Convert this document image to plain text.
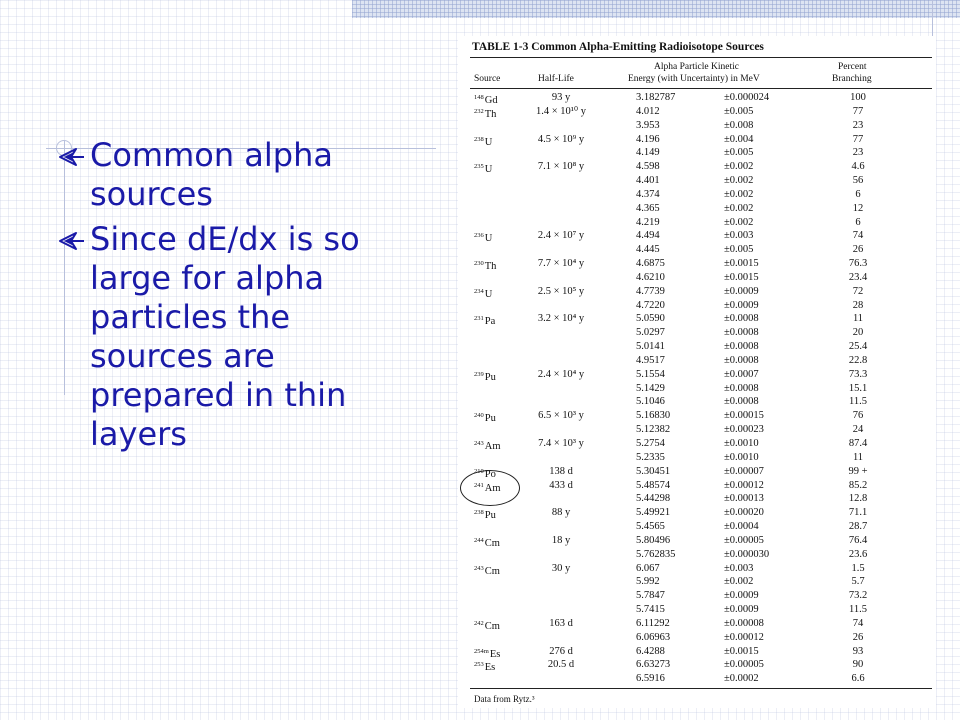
Common alpha sources
Since dE/dx is so large for alpha particles the sources are prepared in thin layers
TABLE 1-3 Common Alpha-Emitting Radioisotope Sources
Source	Half-Life
Alpha Particle Kinetic
Energy (with Uncertainty) in MeV
Percent
Branching
$^{148}$Gd	93 y	3.182787	±0.000024	100
$^{232}$Th	1.4 × 10¹⁰ y	4.012	±0.005	77
3.953	±0.008	23
$^{238}$U	4.5 × 10⁹ y	4.196	±0.004	77
4.149	±0.005	23
$^{235}$U	7.1 × 10⁸ y	4.598	±0.002	4.6
4.401	±0.002	56
4.374	±0.002	6
4.365	±0.002	12
4.219	±0.002	6
$^{236}$U	2.4 × 10⁷ y	4.494	±0.003	74
4.445	±0.005	26
$^{230}$Th	7.7 × 10⁴ y	4.6875	±0.0015	76.3
4.6210	±0.0015	23.4
$^{234}$U	2.5 × 10⁵ y	4.7739	±0.0009	72
4.7220	±0.0009	28
$^{231}$Pa	3.2 × 10⁴ y	5.0590	±0.0008	11
5.0297	±0.0008	20
5.0141	±0.0008	25.4
4.9517	±0.0008	22.8
$^{239}$Pu	2.4 × 10⁴ y	5.1554	±0.0007	73.3
5.1429	±0.0008	15.1
5.1046	±0.0008	11.5
$^{240}$Pu	6.5 × 10³ y	5.16830	±0.00015	76
5.12382	±0.00023	24
$^{243}$Am	7.4 × 10³ y	5.2754	±0.0010	87.4
5.2335	±0.0010	11
$^{210}$Po	138 d	5.30451	±0.00007	99 +
$^{241}$Am	433 d	5.48574	±0.00012	85.2
5.44298	±0.00013	12.8
$^{238}$Pu	88 y	5.49921	±0.00020	71.1
5.4565	±0.0004	28.7
$^{244}$Cm	18 y	5.80496	±0.00005	76.4
5.762835	±0.000030	23.6
$^{243}$Cm	30 y	6.067	±0.003	1.5
5.992	±0.002	5.7
5.7847	±0.0009	73.2
5.7415	±0.0009	11.5
$^{242}$Cm	163 d	6.11292	±0.00008	74
6.06963	±0.00012	26
$^{254m}$Es	276 d	6.4288	±0.0015	93
$^{253}$Es	20.5 d	6.63273	±0.00005	90
6.5916	±0.0002	6.6
Data from Rytz.³
